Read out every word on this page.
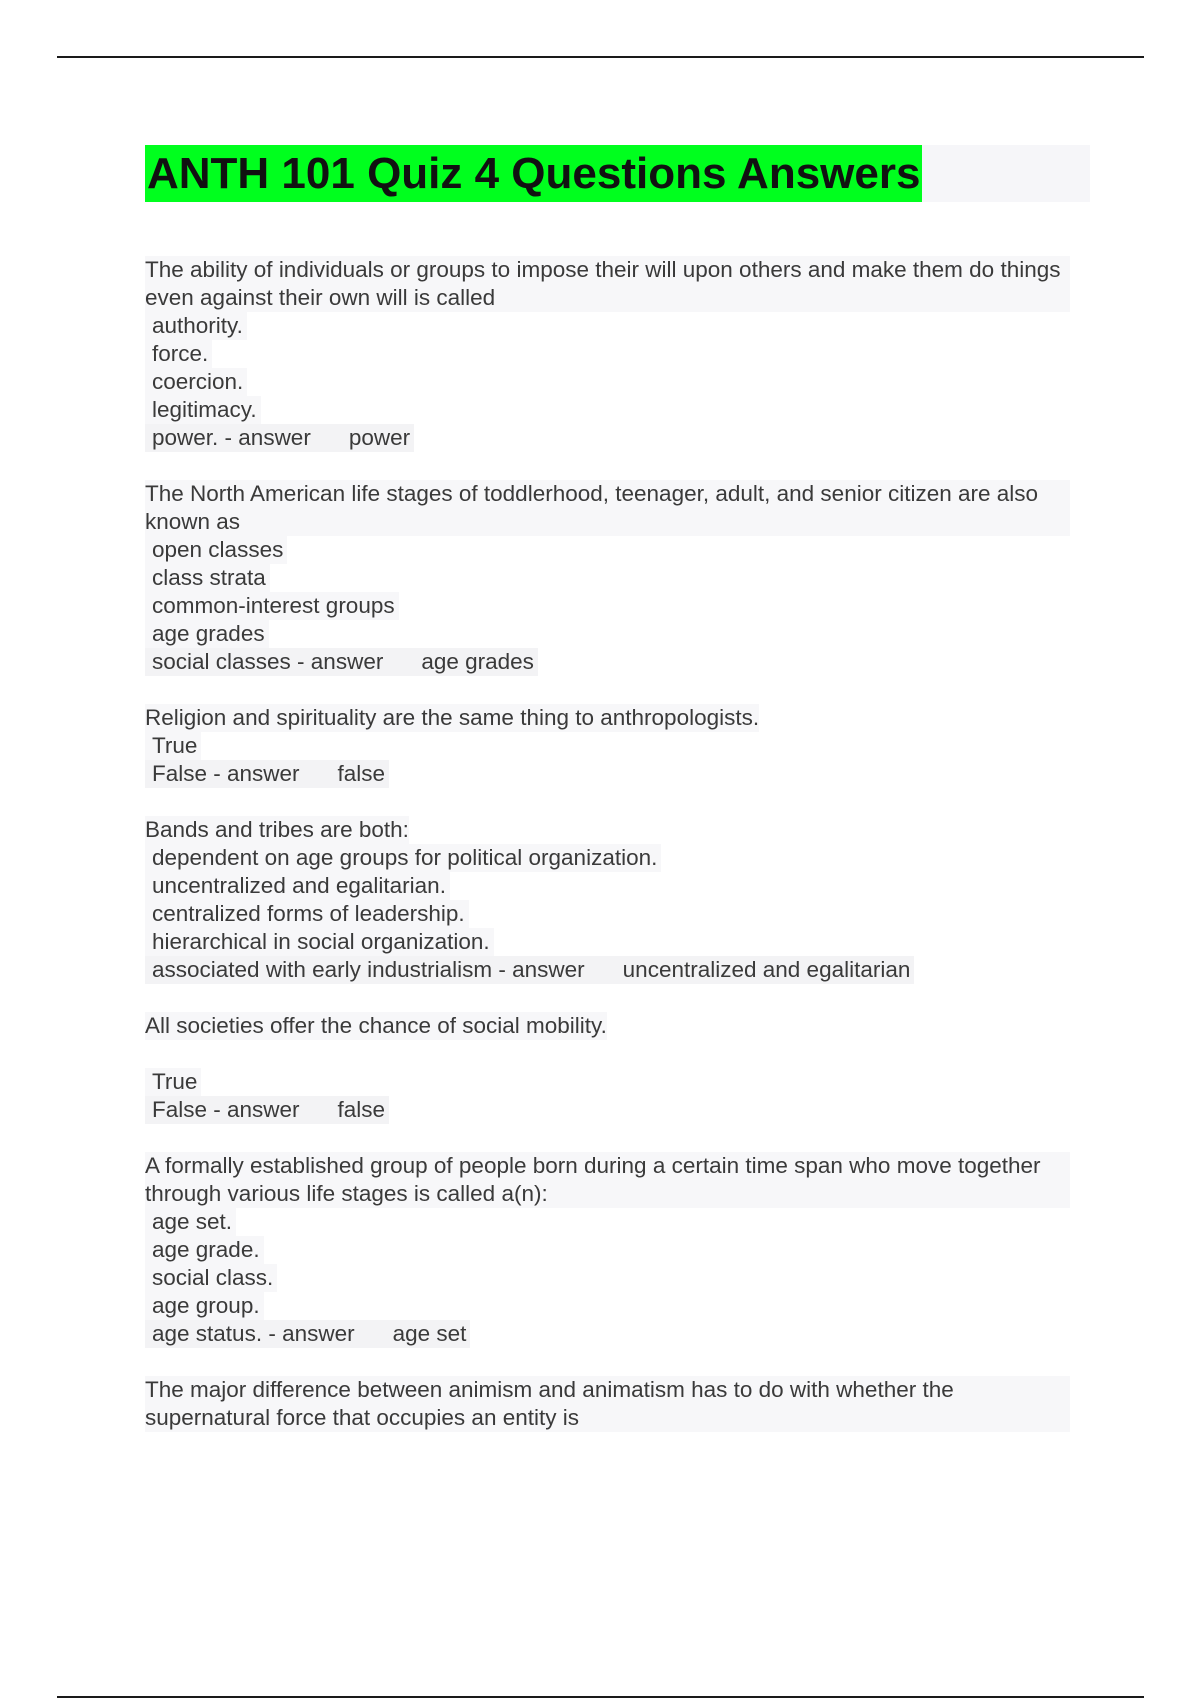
ANTH 101 Quiz 4 Questions Answers
The ability of individuals or groups to impose their will upon others and make them do things even against their own will is called
authority.
force.
coercion.
legitimacy.
power. - answer power
The North American life stages of toddlerhood, teenager, adult, and senior citizen are also known as
open classes
class strata
common-interest groups
age grades
social classes - answer age grades
Religion and spirituality are the same thing to anthropologists.
True
False - answer false
Bands and tribes are both:
dependent on age groups for political organization.
uncentralized and egalitarian.
centralized forms of leadership.
hierarchical in social organization.
associated with early industrialism - answer uncentralized and egalitarian
All societies offer the chance of social mobility.
True
False - answer false
A formally established group of people born during a certain time span who move together through various life stages is called a(n):
age set.
age grade.
social class.
age group.
age status. - answer age set
The major difference between animism and animatism has to do with whether the supernatural force that occupies an entity is
